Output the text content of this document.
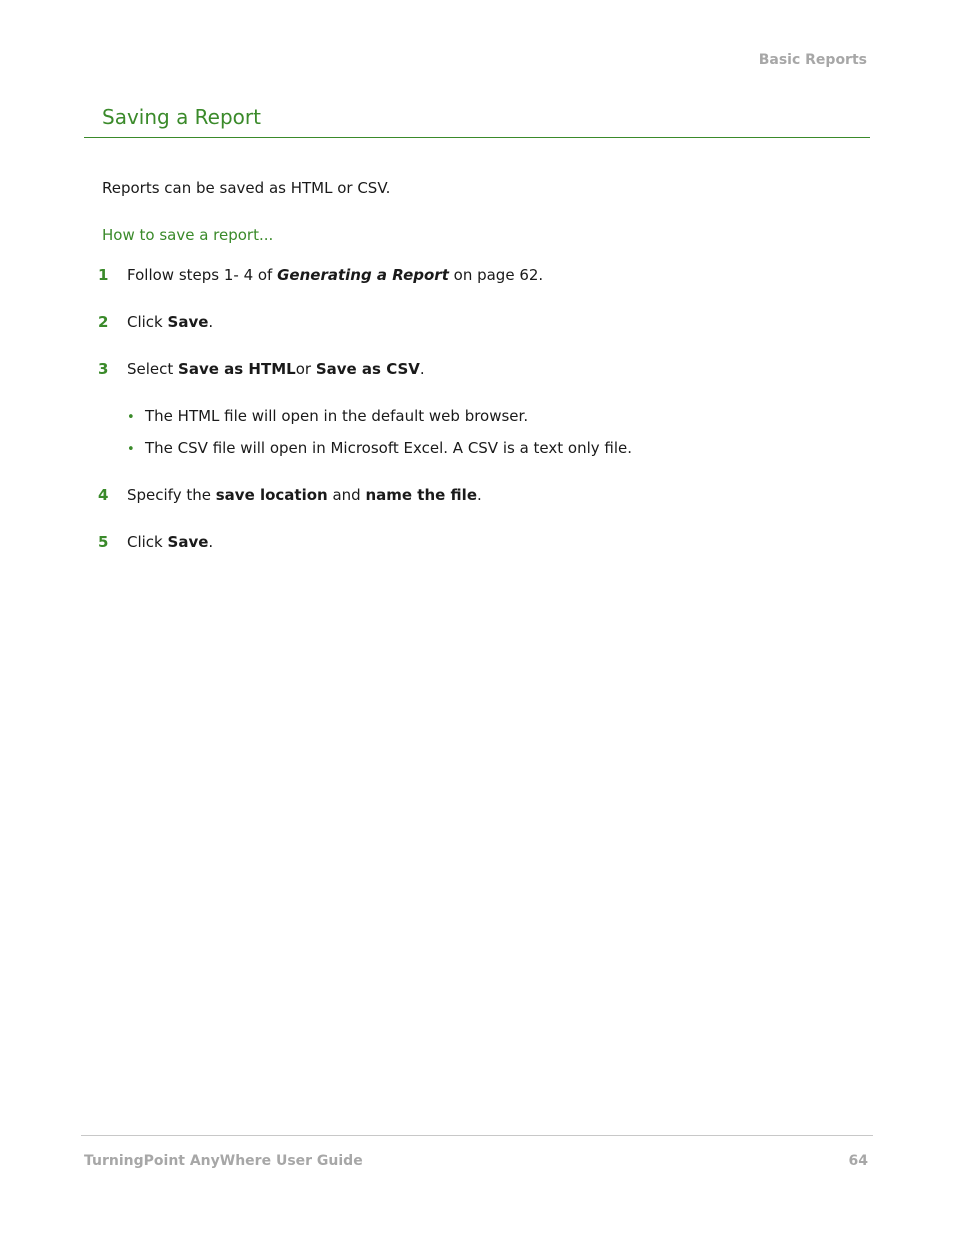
Basic Reports
Saving a Report
Reports can be saved as HTML or CSV.
How to save a report...
1 Follow steps 1- 4 of Generating a Report on page 62.
2 Click Save.
3 Select Save as HTMLor Save as CSV.
• The HTML file will open in the default web browser.
• The CSV file will open in Microsoft Excel. A CSV is a text only file.
4 Specify the save location and name the file.
5 Click Save.
TurningPoint AnyWhere User Guide	64
